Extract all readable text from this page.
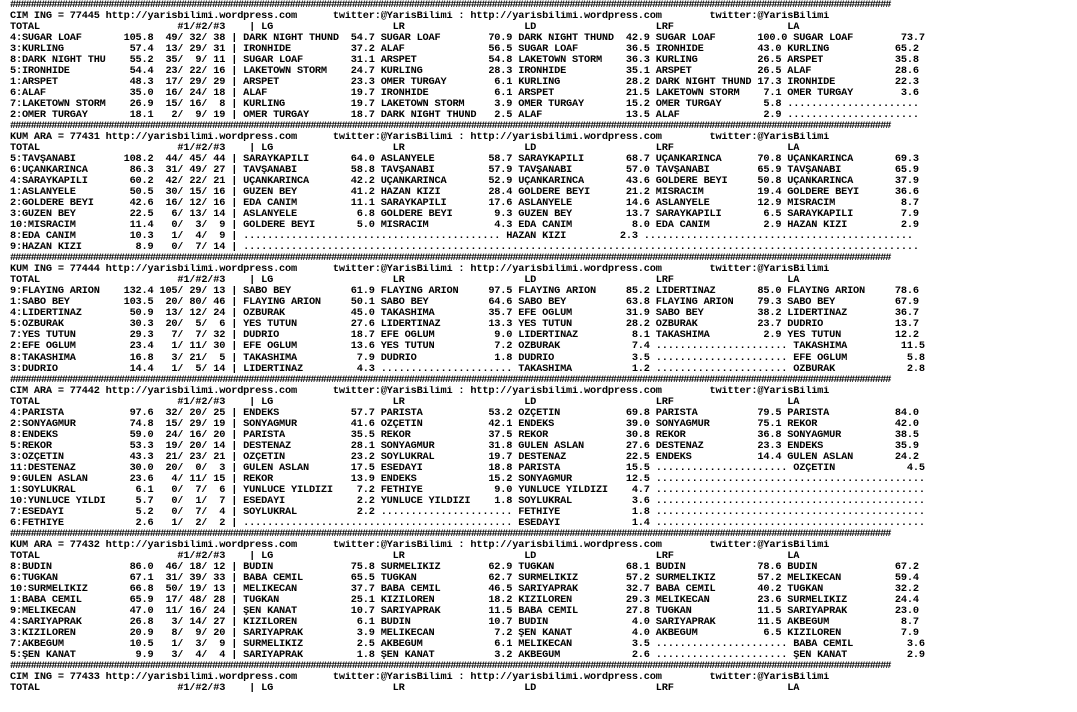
##########################################################################################################################################################################
CIM ING = 77445 http://yarisbilimi.wordpress.com      twitter:@YarisBilimi : http://yarisbilimi.wordpress.com        twitter:@YarisBilimi
TOTAL                       #1/#2/#3    | LG                    LR                    LD                    LRF                   LA
4:SUGAR LOAF       105.8  49/ 32/ 38 | DARK NIGHT THUND  54.7 SUGAR LOAF        70.9 DARK NIGHT THUND  42.9 SUGAR LOAF       100.0 SUGAR LOAF        73.7
3:KURLING           57.4  13/ 29/ 31 | IRONHIDE          37.2 ALAF              56.5 SUGAR LOAF        36.5 IRONHIDE         43.0 KURLING           65.2
8:DARK NIGHT THU    55.2  35/  9/ 11 | SUGAR LOAF        31.1 ARSPET            54.8 LAKETOWN STORM    36.3 KURLING          26.5 ARSPET            35.8
5:IRONHIDE          54.4  23/ 22/ 16 | LAKETOWN STORM    24.7 KURLING           28.3 IRONHIDE          35.1 ARSPET           26.5 ALAF              28.6
1:ARSPET            48.3  17/ 29/ 29 | ARSPET            23.3 ÖMER TURGAY        6.1 KURLING           28.2 DARK NIGHT THUND 17.3 IRONHIDE          22.3
6:ALAF              35.0  16/ 24/ 18 | ALAF              19.7 IRONHIDE           6.1 ARSPET            21.5 LAKETOWN STORM    7.1 ÖMER TURGAY        3.6
7:LAKETOWN STORM    26.9  15/ 16/  8 | KURLING           19.7 LAKETOWN STORM     3.9 ÖMER TURGAY       15.2 ÖMER TURGAY       5.8 ......................
2:ÖMER TURGAY       18.1   2/  9/ 19 | ÖMER TURGAY       18.7 DARK NIGHT THUND   2.5 ALAF              13.5 ALAF              2.9 ......................
##########################################################################################################################################################################
KUM ARA = 77431 http://yarisbilimi.wordpress.com      twitter:@YarisBilimi : http://yarisbilimi.wordpress.com        twitter:@YarisBilimi
TOTAL                       #1/#2/#3    | LG                    LR                    LD                    LRF                   LA
5:TAVŞANABI        108.2  44/ 45/ 44 | SARAYKAPILI       64.0 ASLANYELE         58.7 SARAYKAPILI       68.7 UÇANKARINCA      70.8 UÇANKARINCA       69.3
6:UÇANKARINCA       86.3  31/ 49/ 27 | TAVŞANABI         58.8 TAVŞANABI         57.9 TAVŞANABI         57.0 TAVŞANABI        65.9 TAVŞANABI         65.9
4:SARAYKAPILI       60.2  42/ 22/ 21 | UÇANKARINCA       42.2 UÇANKARINCA       52.9 UÇANKARINCA       43.6 GÖLDERE BEYİ     50.8 UÇANKARINCA       37.9
1:ASLANYELE         50.5  30/ 15/ 16 | GÜZEN BEY         41.2 HAZAN KIZI        28.4 GÖLDERE BEYİ      21.2 MISRACIM         19.4 GÖLDERE BEYİ      36.6
2:GÖLDERE BEYİ      42.6  16/ 12/ 16 | EDA CANIM         11.1 SARAYKAPILI       17.6 ASLANYELE         14.6 ASLANYELE        12.9 MISRACIM           8.7
3:GÜZEN BEY         22.5   6/ 13/ 14 | ASLANYELE          6.8 GÖLDERE BEYİ       9.3 GÜZEN BEY         13.7 SARAYKAPILI       6.5 SARAYKAPILI        7.9
10:MISRACIM         11.4   0/  3/  9 | GÖLDERE BEYİ       5.0 MISRACIM           4.3 EDA CANIM          8.0 EDA CANIM         2.9 HAZAN KIZI         2.9
8:EDA CANIM         10.3   1/  4/  9 | ........................................... HAZAN KIZI         2.3 .............................................
9:HAZAN KIZI         8.9   0/  7/ 14 | .................................................................................................................
##########################################################################################################################################################################
KUM ING = 77444 http://yarisbilimi.wordpress.com      twitter:@YarisBilimi : http://yarisbilimi.wordpress.com        twitter:@YarisBilimi
TOTAL                       #1/#2/#3    | LG                    LR                    LD                    LRF                   LA
9:FLAYING ARION    132.4 105/ 29/ 13 | SABO BEY          61.9 FLAYING ARION     97.5 FLAYING ARION     85.2 LIDERTINAZ       85.0 FLAYING ARION     78.6
1:SABO BEY         103.5  20/ 80/ 46 | FLAYING ARION     50.1 SABO BEY          64.6 SABO BEY          63.8 FLAYING ARION    79.3 SABO BEY          67.9
4:LIDERTINAZ        50.9  13/ 12/ 24 | ÖZBURAK           45.0 TAKASHIMA         35.7 EFE OĞLUM         31.9 SABO BEY         38.2 LIDERTINAZ        36.7
5:ÖZBURAK           30.3  20/  5/  6 | YES TÜTÜN         27.6 LIDERTINAZ        13.3 YES TÜTÜN         28.2 ÖZBURAK          23.7 DUDRIO            13.7
7:YES TÜTÜN         29.3   7/  7/ 32 | DUDRIO            18.7 EFE OĞLUM          9.0 LIDERTINAZ         8.1 TAKASHIMA         2.9 YES TÜTÜN         12.2
2:EFE OĞLUM         23.4   1/ 11/ 30 | EFE OĞLUM         13.6 YES TÜTÜN          7.2 ÖZBURAK            7.4 ...................... TAKASHIMA         11.5
8:TAKASHIMA         16.8   3/ 21/  5 | TAKASHIMA          7.9 DUDRIO             1.8 DUDRIO             3.5 ...................... EFE OĞLUM          5.8
3:DUDRIO            14.4   1/  5/ 14 | LIDERTINAZ         4.3 ...................... TAKASHIMA          1.2 ...................... ÖZBURAK            2.8
##########################################################################################################################################################################
CIM ARA = 77442 http://yarisbilimi.wordpress.com      twitter:@YarisBilimi : http://yarisbilimi.wordpress.com        twitter:@YarisBilimi
TOTAL                       #1/#2/#3    | LG                    LR                    LD                    LRF                   LA
4:PARİSTA           97.6  32/ 20/ 25 | ENDEKS            57.7 PARİSTA           53.2 ÖZÇETİN           69.8 PARİSTA          79.5 PARİSTA           84.0
2:SONYAĞMUR         74.8  15/ 29/ 19 | SONYAĞMUR         41.6 ÖZÇETİN           42.1 ENDEKS            39.0 SONYAĞMUR        75.1 REKOR             42.0
8:ENDEKS            59.0  24/ 16/ 20 | PARİSTA           35.5 REKOR             37.5 REKOR             30.8 REKOR            36.8 SONYAĞMUR         38.5
5:REKOR             53.3  19/ 20/ 14 | DESTENAZ          28.1 SONYAĞMUR         31.8 GÜLEN ASLAN       27.6 DESTENAZ         23.3 ENDEKS            35.9
3:ÖZÇETİN           43.3  21/ 23/ 21 | ÖZÇETİN           23.2 SOYLUKRAL         19.7 DESTENAZ          22.5 ENDEKS           14.4 GÜLEN ASLAN       24.2
11:DESTENAZ         30.0  20/  0/  3 | GÜLEN ASLAN       17.5 ESEDAYI           18.8 PARİSTA           15.5 ...................... ÖZÇETİN            4.5
9:GÜLEN ASLAN       23.6   4/ 11/ 15 | REKOR             13.9 ENDEKS            15.2 SONYAĞMUR         12.5 .............................................
1:SOYLUKRAL          6.1   0/  7/  6 | YÜNLÜCE YILDIZI    7.2 FETHİYE            9.0 YÜNLÜCE YILDIZI    4.7 .............................................
10:YÜNLÜCE YILDI     5.7   0/  1/  7 | ESEDAYI            2.2 YÜNLÜCE YILDIZI    1.8 SOYLUKRAL          3.6 .............................................
7:ESEDAYI            5.2   0/  7/  4 | SOYLUKRAL          2.2 ...................... FETHİYE            1.8 .............................................
6:FETHİYE            2.6   1/  2/  2 | ............................................. ESEDAYI            1.4 .............................................
##########################################################################################################################################################################
KUM ARA = 77432 http://yarisbilimi.wordpress.com      twitter:@YarisBilimi : http://yarisbilimi.wordpress.com        twitter:@YarisBilimi
TOTAL                       #1/#2/#3    | LG                    LR                    LD                    LRF                   LA
8:BUDİN             86.0  46/ 18/ 12 | BUDİN             75.8 SÜRMELİKIZ        62.9 TUĞKAN            68.1 BUDİN            78.6 BUDİN             67.2
6:TUĞKAN            67.1  31/ 39/ 33 | BABA CEMİL        65.5 TUĞKAN            62.7 SÜRMELİKIZ        57.2 SÜRMELİKIZ       57.2 MELİKECAN         59.4
10:SÜRMELİKIZ       66.8  50/ 19/ 13 | MELİKECAN         37.7 BABA CEMİL        46.5 SARIYAPRAK        32.7 BABA CEMİL       40.2 TUĞKAN            32.2
1:BABA CEMİL        65.9  17/ 48/ 28 | TUĞKAN            25.1 KIZILÖREN         18.2 KIZILÖREN         29.3 MELİKECAN        23.6 SÜRMELİKIZ        24.4
9:MELİKECAN         47.0  11/ 16/ 24 | ŞEN KANAT         10.7 SARIYAPRAK        11.5 BABA CEMİL        27.8 TUĞKAN           11.5 SARIYAPRAK        23.0
4:SARIYAPRAK        26.8   3/ 14/ 27 | KIZILÖREN          6.1 BUDİN             10.7 BUDİN              4.0 SARIYAPRAK       11.5 AKBEGÜM            8.7
3:KIZILÖREN         20.9   8/  9/ 20 | SARIYAPRAK         3.9 MELİKECAN          7.2 ŞEN KANAT          4.0 AKBEGÜM           6.5 KIZILÖREN          7.9
7:AKBEGÜM           10.5   1/  3/  9 | SÜRMELİKIZ         2.5 AKBEGÜM            6.1 MELİKECAN          3.5 ...................... BABA CEMİL         3.6
5:ŞEN KANAT          9.9   3/  4/  4 | SARIYAPRAK         1.8 ŞEN KANAT          3.2 AKBEGÜM            2.6 ...................... ŞEN KANAT          2.9
##########################################################################################################################################################################
CIM ING = 77433 http://yarisbilimi.wordpress.com      twitter:@YarisBilimi : http://yarisbilimi.wordpress.com        twitter:@YarisBilimi
TOTAL                       #1/#2/#3    | LG                    LR                    LD                    LRF                   LA
